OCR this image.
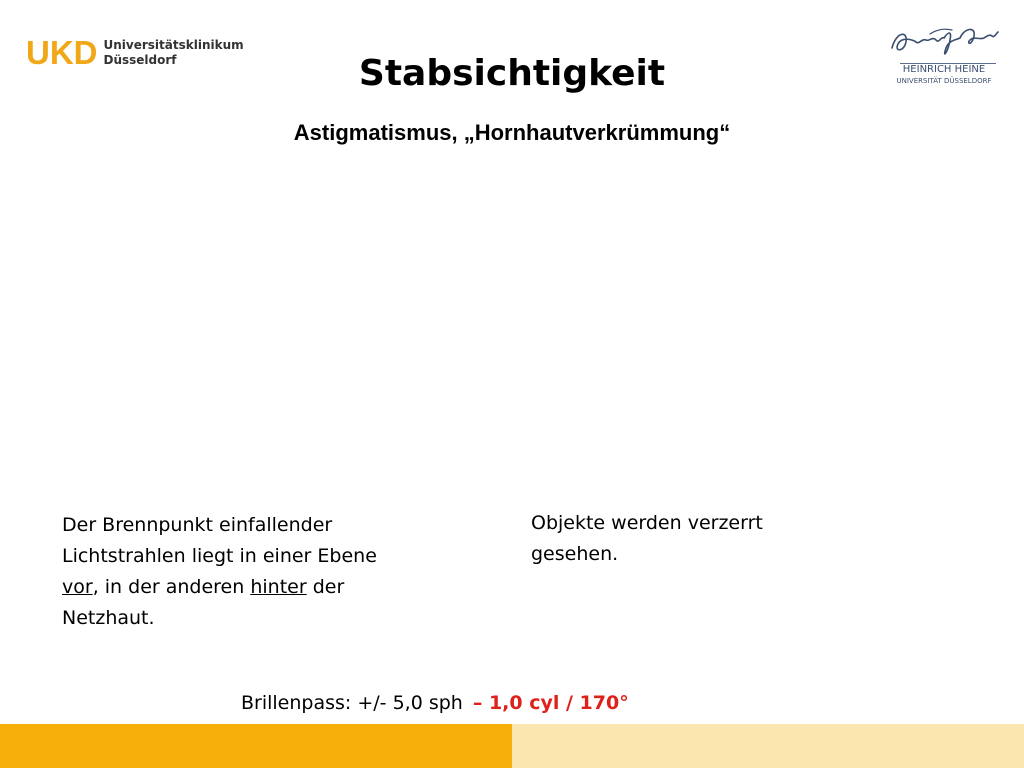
UKD Universitätsklinikum
Düsseldorf
HEINRICH HEINE
UNIVERSITÄT DÜSSELDORF
Stabsichtigkeit
Astigmatismus, „Hornhautverkrümmung“
Der Brennpunkt einfallender Lichtstrahlen liegt in einer Ebene vor, in der anderen hinter der Netzhaut.
Objekte werden verzerrt gesehen.
Brillenpass: +/- 5,0 sph – 1,0 cyl / 170°
